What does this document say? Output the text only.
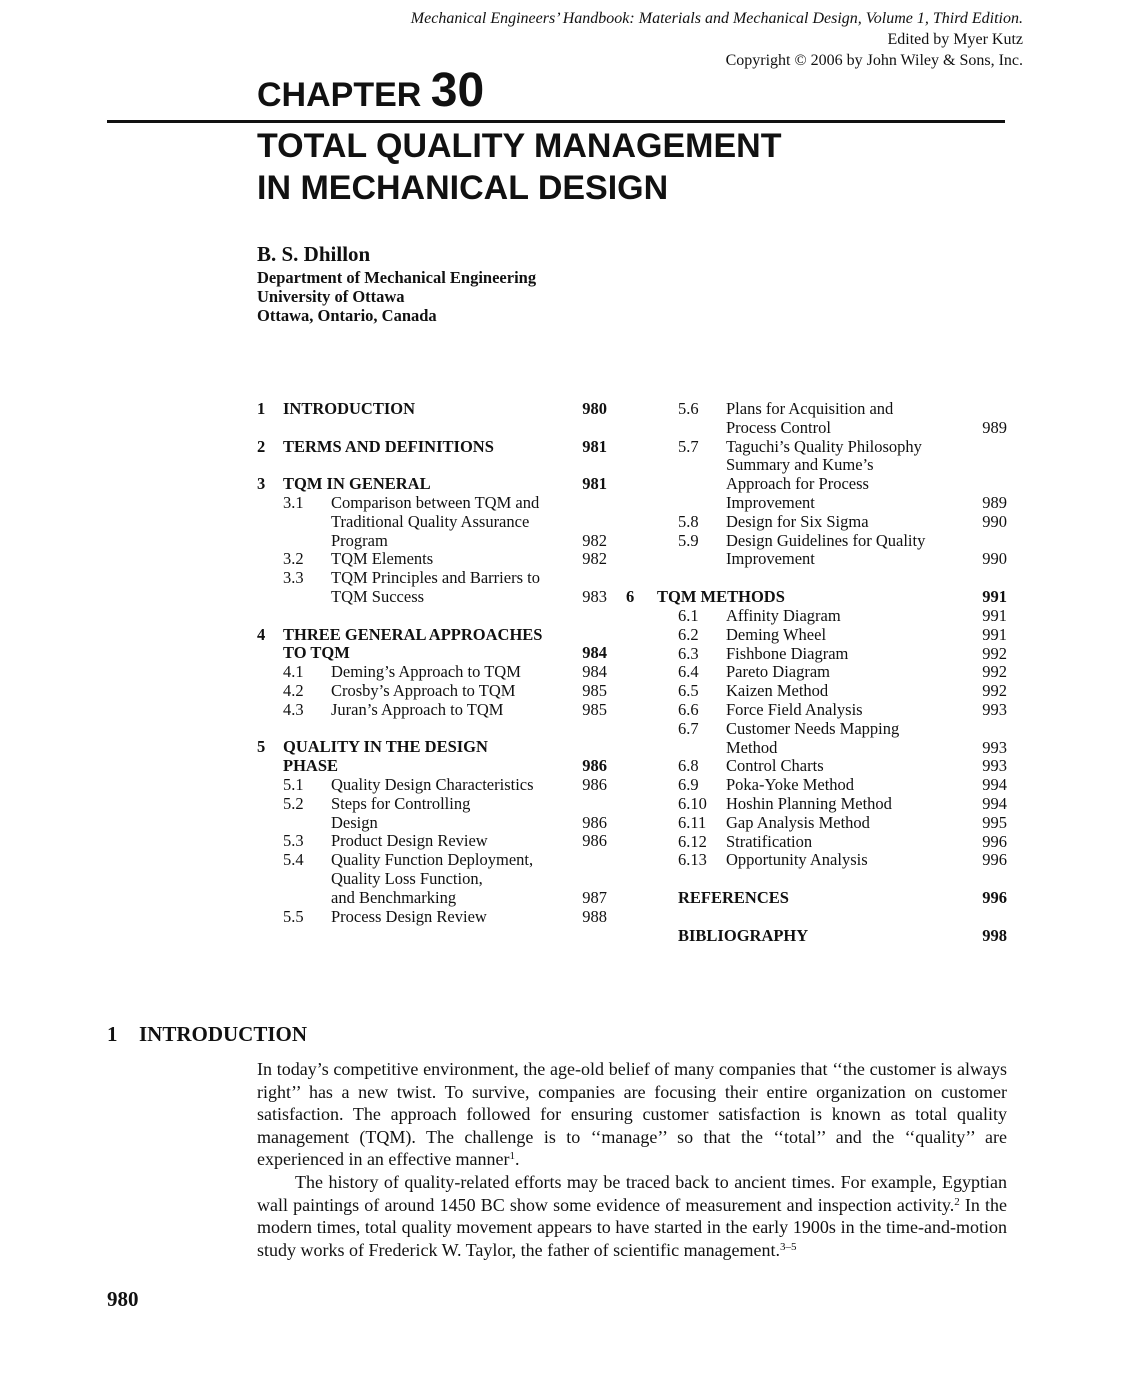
Mechanical Engineers’ Handbook: Materials and Mechanical Design, Volume 1, Third Edition.
Edited by Myer Kutz
Copyright © 2006 by John Wiley & Sons, Inc.
CHAPTER 30
TOTAL QUALITY MANAGEMENT
IN MECHANICAL DESIGN
B. S. Dhillon
Department of Mechanical Engineering
University of Ottawa
Ottawa, Ontario, Canada
1	INTRODUCTION	980
2	TERMS AND DEFINITIONS	981
3	TQM IN GENERAL	981
3.1	Comparison between TQM and
Traditional Quality Assurance
Program	982
3.2	TQM Elements	982
3.3	TQM Principles and Barriers to
TQM Success	983
4	THREE GENERAL APPROACHES
TO TQM	984
4.1	Deming’s Approach to TQM	984
4.2	Crosby’s Approach to TQM	985
4.3	Juran’s Approach to TQM	985
5	QUALITY IN THE DESIGN
PHASE	986
5.1	Quality Design Characteristics	986
5.2	Steps for Controlling
Design	986
5.3	Product Design Review	986
5.4	Quality Function Deployment,
Quality Loss Function,
and Benchmarking	987
5.5	Process Design Review	988
5.6	Plans for Acquisition and
Process Control	989
5.7	Taguchi’s Quality Philosophy
Summary and Kume’s
Approach for Process
Improvement	989
5.8	Design for Six Sigma	990
5.9	Design Guidelines for Quality
Improvement	990
6	TQM METHODS	991
6.1	Affinity Diagram	991
6.2	Deming Wheel	991
6.3	Fishbone Diagram	992
6.4	Pareto Diagram	992
6.5	Kaizen Method	992
6.6	Force Field Analysis	993
6.7	Customer Needs Mapping
Method	993
6.8	Control Charts	993
6.9	Poka-Yoke Method	994
6.10	Hoshin Planning Method	994
6.11	Gap Analysis Method	995
6.12	Stratification	996
6.13	Opportunity Analysis	996
REFERENCES	996
BIBLIOGRAPHY	998
1 INTRODUCTION

In today’s competitive environment, the age-old belief of many companies that ‘‘the customer is always right’’ has a new twist. To survive, companies are focusing their entire organization on customer satisfaction. The approach followed for ensuring customer satisfaction is known as total quality management (TQM). The challenge is to ‘‘manage’’ so that the ‘‘total’’ and the ‘‘quality’’ are experienced in an effective manner$^1$.

The history of quality-related efforts may be traced back to ancient times. For example, Egyptian wall paintings of around 1450 BC show some evidence of measurement and inspection activity.$^2$ In the modern times, total quality movement appears to have started in the early 1900s in the time-and-motion study works of Frederick W. Taylor, the father of scientific management.$^{3-5}$

980
